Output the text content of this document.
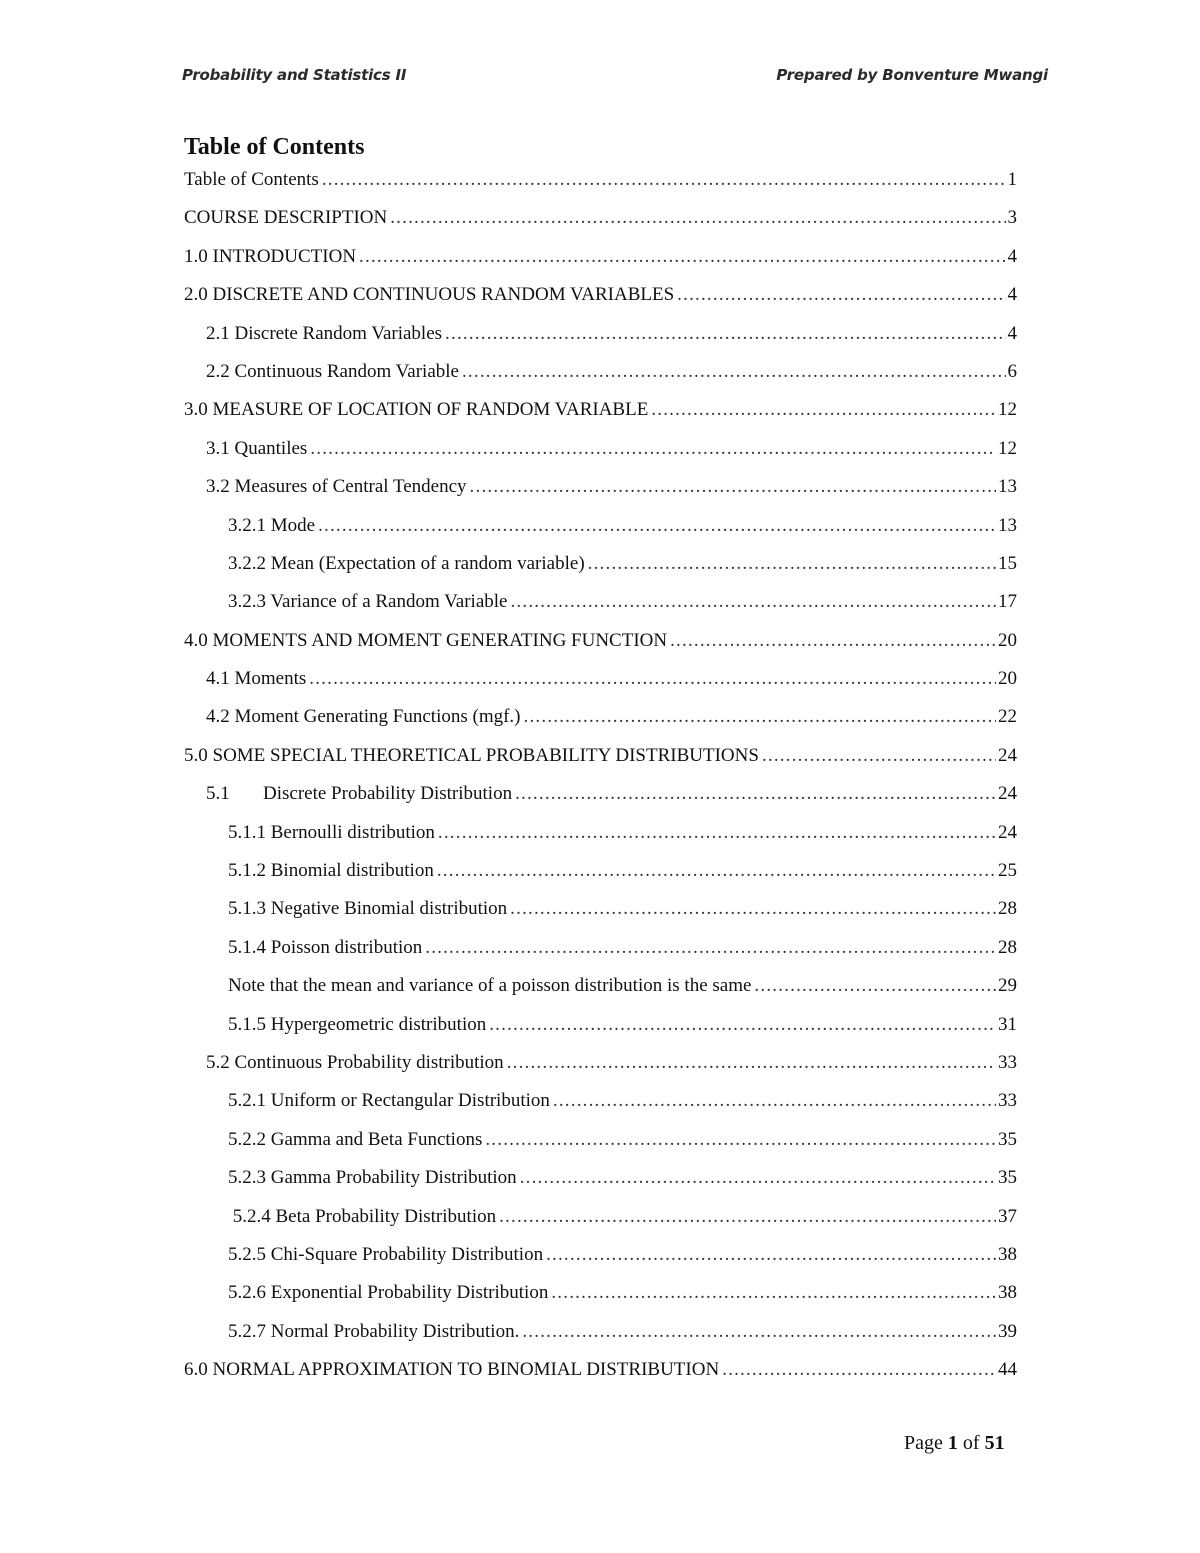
Probability and Statistics II	Prepared by Bonventure Mwangi
Table of Contents
Table of Contents .....	1
COURSE DESCRIPTION .....	3
1.0 INTRODUCTION .....	4
2.0 DISCRETE AND CONTINUOUS RANDOM VARIABLES .....	4
2.1 Discrete Random Variables .....	4
2.2 Continuous Random Variable .....	6
3.0 MEASURE OF LOCATION OF RANDOM VARIABLE .....	12
3.1 Quantiles .....	12
3.2 Measures of Central Tendency .....	13
3.2.1 Mode .....	13
3.2.2 Mean (Expectation of a random variable) .....	15
3.2.3 Variance of a Random Variable .....	17
4.0 MOMENTS AND MOMENT GENERATING FUNCTION .....	20
4.1 Moments .....	20
4.2 Moment Generating Functions (mgf.) .....	22
5.0 SOME SPECIAL THEORETICAL PROBABILITY DISTRIBUTIONS .....	24
5.1       Discrete Probability Distribution .....	24
5.1.1 Bernoulli distribution .....	24
5.1.2 Binomial distribution .....	25
5.1.3 Negative Binomial distribution .....	28
5.1.4 Poisson distribution .....	28
Note that the mean and variance of a poisson distribution is the same .....	29
5.1.5 Hypergeometric distribution .....	31
5.2 Continuous Probability distribution .....	33
5.2.1 Uniform or Rectangular Distribution .....	33
5.2.2 Gamma and Beta Functions .....	35
5.2.3 Gamma Probability Distribution .....	35
5.2.4 Beta Probability Distribution .....	37
5.2.5 Chi-Square Probability Distribution .....	38
5.2.6 Exponential Probability Distribution .....	38
5.2.7 Normal Probability Distribution. .....	39
6.0 NORMAL APPROXIMATION TO BINOMIAL DISTRIBUTION .....	44
Page 1 of 51
